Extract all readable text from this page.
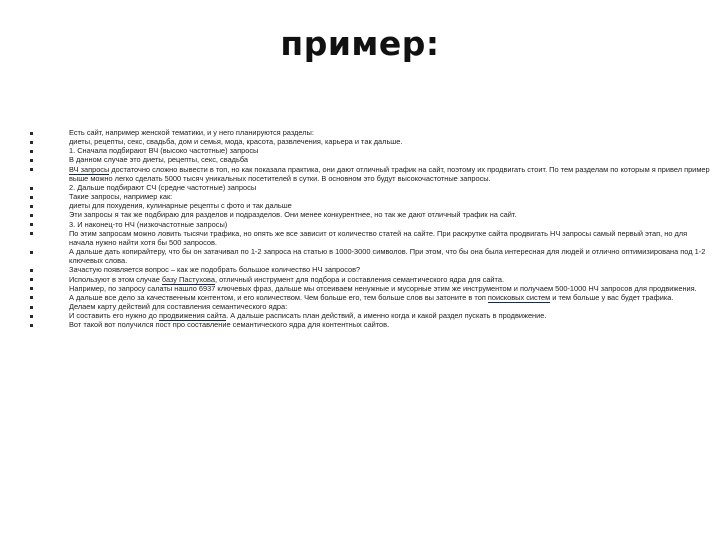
пример:
Есть сайт, например женской тематики, и у него планируются разделы:
диеты, рецепты, секс, свадьба, дом и семья, мода, красота, развлечения, карьера и так дальше.
1. Сначала подбирают ВЧ (высоко частотные) запросы
В данном случае это диеты, рецепты, секс, свадьба
ВЧ запросы достаточно сложно вывести в топ, но как показала практика, они дают отличный трафик на сайт, поэтому их продвигать стоит. По тем разделам по которым я привел пример выше можно легко сделать 5000 тысяч уникальных посетителей в сутки. В основном это будут высокочастотные запросы.
2. Дальше подбирают СЧ (средне частотные) запросы
Такие запросы, например как:
диеты для похудения, кулинарные рецепты с фото и так дальше
Эти запросы я так же подбираю для разделов и подразделов. Они менее конкурентнее, но так же дают отличный трафик на сайт.
3. И наконец-то НЧ (низкочастотные запросы)
По этим запросам можно ловить тысячи трафика, но опять же все зависит от количество статей на сайте. При раскрутке сайта продвигать НЧ запросы самый первый этап, но для начала нужно найти хотя бы 500 запросов.
А дальше дать копирайтеру, что бы он затачивал по 1-2 запроса на статью в 1000-3000 символов. При этом, что бы она была интересная для людей и отлично оптимизирована под 1-2 ключевых слова.
Зачастую появляется вопрос – как же подобрать большое количество НЧ запросов?
Используют в этом случае базу Пастухова, отличный инструмент для подбора и составления семантического ядра для сайта.
Например, по запросу салаты нашло 6937 ключевых фраз, дальше мы отсеиваем ненужные и мусорные этим же инструментом и получаем 500-1000 НЧ запросов для продвижения.
А дальше все дело за качественным контентом, и его количеством. Чем больше его, тем больше слов вы затоните в топ поисковых систем и тем больше у вас будет трафика.
Делаем карту действий для составления семантического ядра:
И составить его нужно до продвижения сайта. А дальше расписать план действий, а именно когда и какой раздел пускать в продвижение.
Вот такой вот получился пост про составление семантического ядра для контентных сайтов.
